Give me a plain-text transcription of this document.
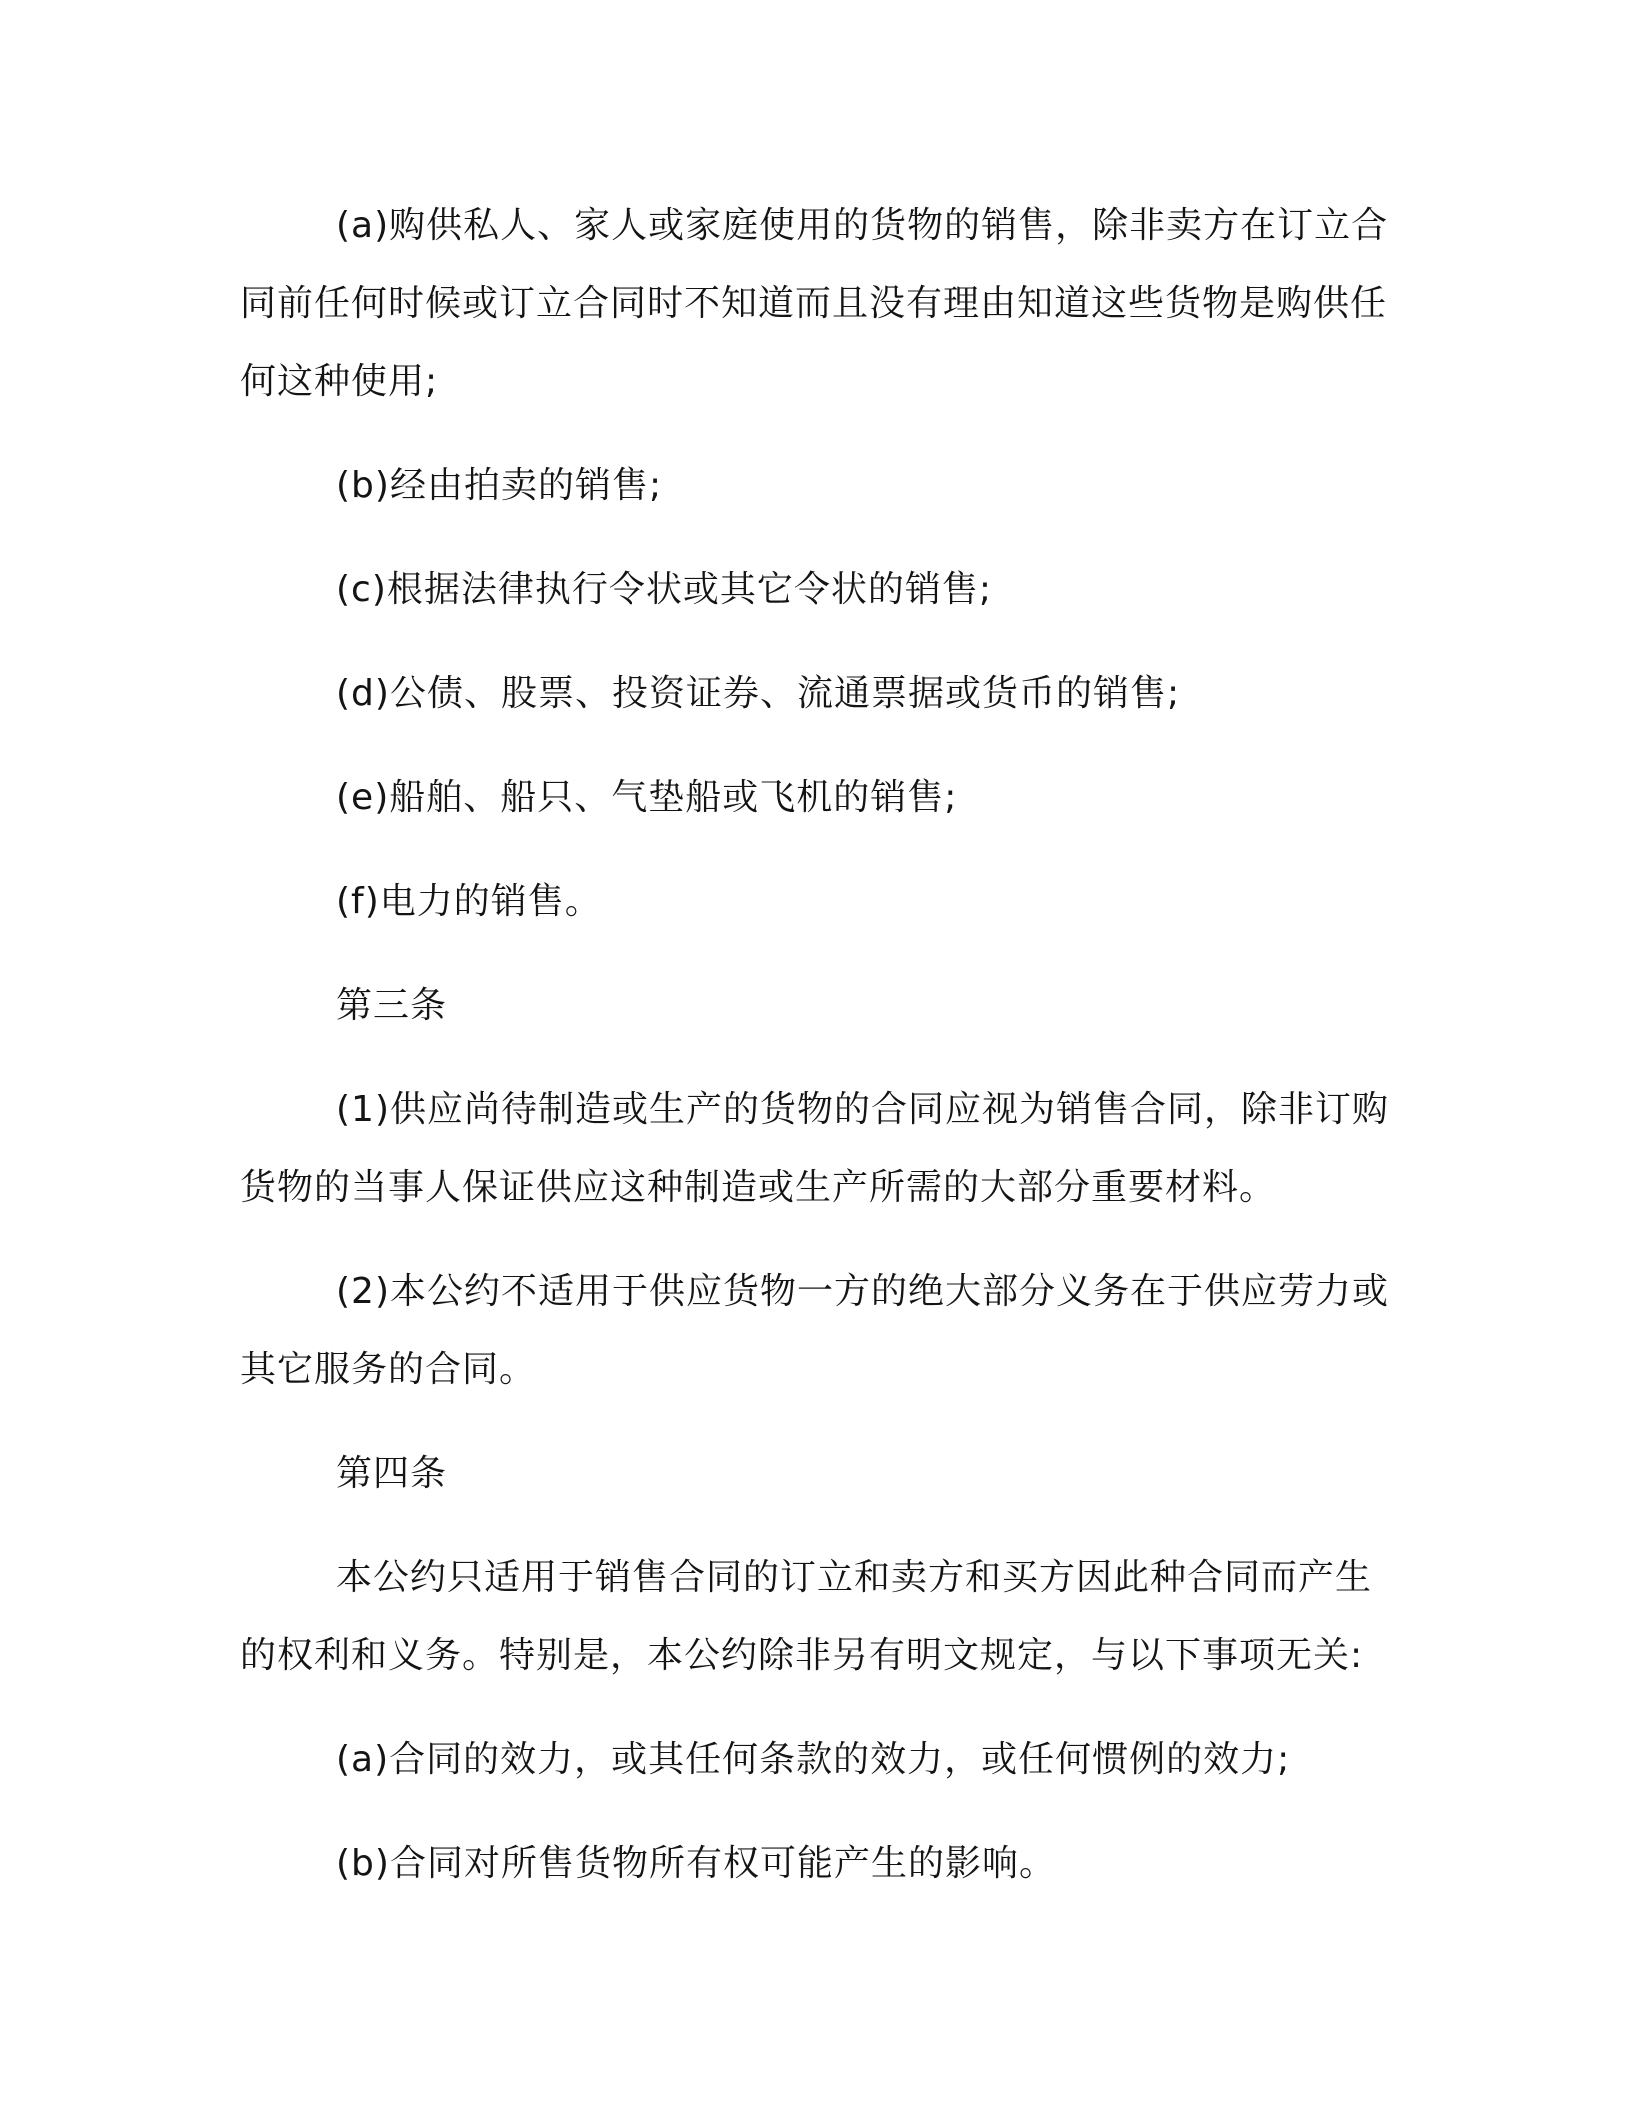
(a)购供私人、家人或家庭使用的货物的销售，除非卖方在订立合同前任何时候或订立合同时不知道而且没有理由知道这些货物是购供任何这种使用;

(b)经由拍卖的销售;

(c)根据法律执行令状或其它令状的销售;

(d)公债、股票、投资证券、流通票据或货币的销售;

(e)船舶、船只、气垫船或飞机的销售;

(f)电力的销售。

第三条

(1)供应尚待制造或生产的货物的合同应视为销售合同，除非订购货物的当事人保证供应这种制造或生产所需的大部分重要材料。

(2)本公约不适用于供应货物一方的绝大部分义务在于供应劳力或其它服务的合同。

第四条

本公约只适用于销售合同的订立和卖方和买方因此种合同而产生的权利和义务。特别是，本公约除非另有明文规定，与以下事项无关:

(a)合同的效力，或其任何条款的效力，或任何惯例的效力;

(b)合同对所售货物所有权可能产生的影响。
